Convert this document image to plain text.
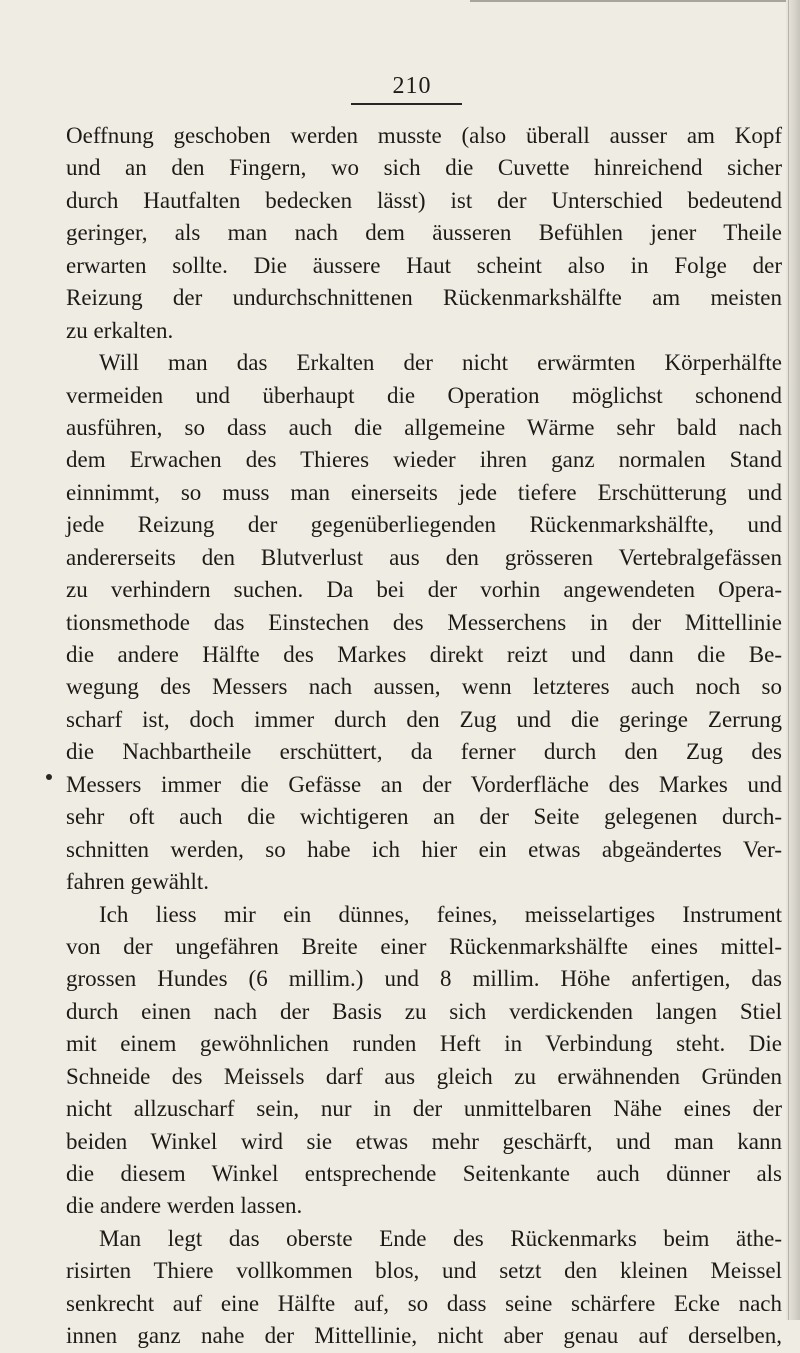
210
Oeffnung geschoben werden musste (also überall ausser am Kopf
und an den Fingern, wo sich die Cuvette hinreichend sicher
durch Hautfalten bedecken lässt) ist der Unterschied bedeutend
geringer, als man nach dem äusseren Befühlen jener Theile
erwarten sollte. Die äussere Haut scheint also in Folge der
Reizung der undurchschnittenen Rückenmarkshälfte am meisten
zu erkalten.
Will man das Erkalten der nicht erwärmten Körperhälfte
vermeiden und überhaupt die Operation möglichst schonend
ausführen, so dass auch die allgemeine Wärme sehr bald nach
dem Erwachen des Thieres wieder ihren ganz normalen Stand
einnimmt, so muss man einerseits jede tiefere Erschütterung und
jede Reizung der gegenüberliegenden Rückenmarkshälfte, und
andererseits den Blutverlust aus den grösseren Vertebralgefässen
zu verhindern suchen. Da bei der vorhin angewendeten Opera-
tionsmethode das Einstechen des Messerchens in der Mittellinie
die andere Hälfte des Markes direkt reizt und dann die Be-
wegung des Messers nach aussen, wenn letzteres auch noch so
scharf ist, doch immer durch den Zug und die geringe Zerrung
die Nachbartheile erschüttert, da ferner durch den Zug des
Messers immer die Gefässe an der Vorderfläche des Markes und
sehr oft auch die wichtigeren an der Seite gelegenen durch-
schnitten werden, so habe ich hier ein etwas abgeändertes Ver-
fahren gewählt.
Ich liess mir ein dünnes, feines, meisselartiges Instrument
von der ungefähren Breite einer Rückenmarkshälfte eines mittel-
grossen Hundes (6 millim.) und 8 millim. Höhe anfertigen, das
durch einen nach der Basis zu sich verdickenden langen Stiel
mit einem gewöhnlichen runden Heft in Verbindung steht. Die
Schneide des Meissels darf aus gleich zu erwähnenden Gründen
nicht allzuscharf sein, nur in der unmittelbaren Nähe eines der
beiden Winkel wird sie etwas mehr geschärft, und man kann
die diesem Winkel entsprechende Seitenkante auch dünner als
die andere werden lassen.
Man legt das oberste Ende des Rückenmarks beim äthe-
risirten Thiere vollkommen blos, und setzt den kleinen Meissel
senkrecht auf eine Hälfte auf, so dass seine schärfere Ecke nach
innen ganz nahe der Mittellinie, nicht aber genau auf derselben,
